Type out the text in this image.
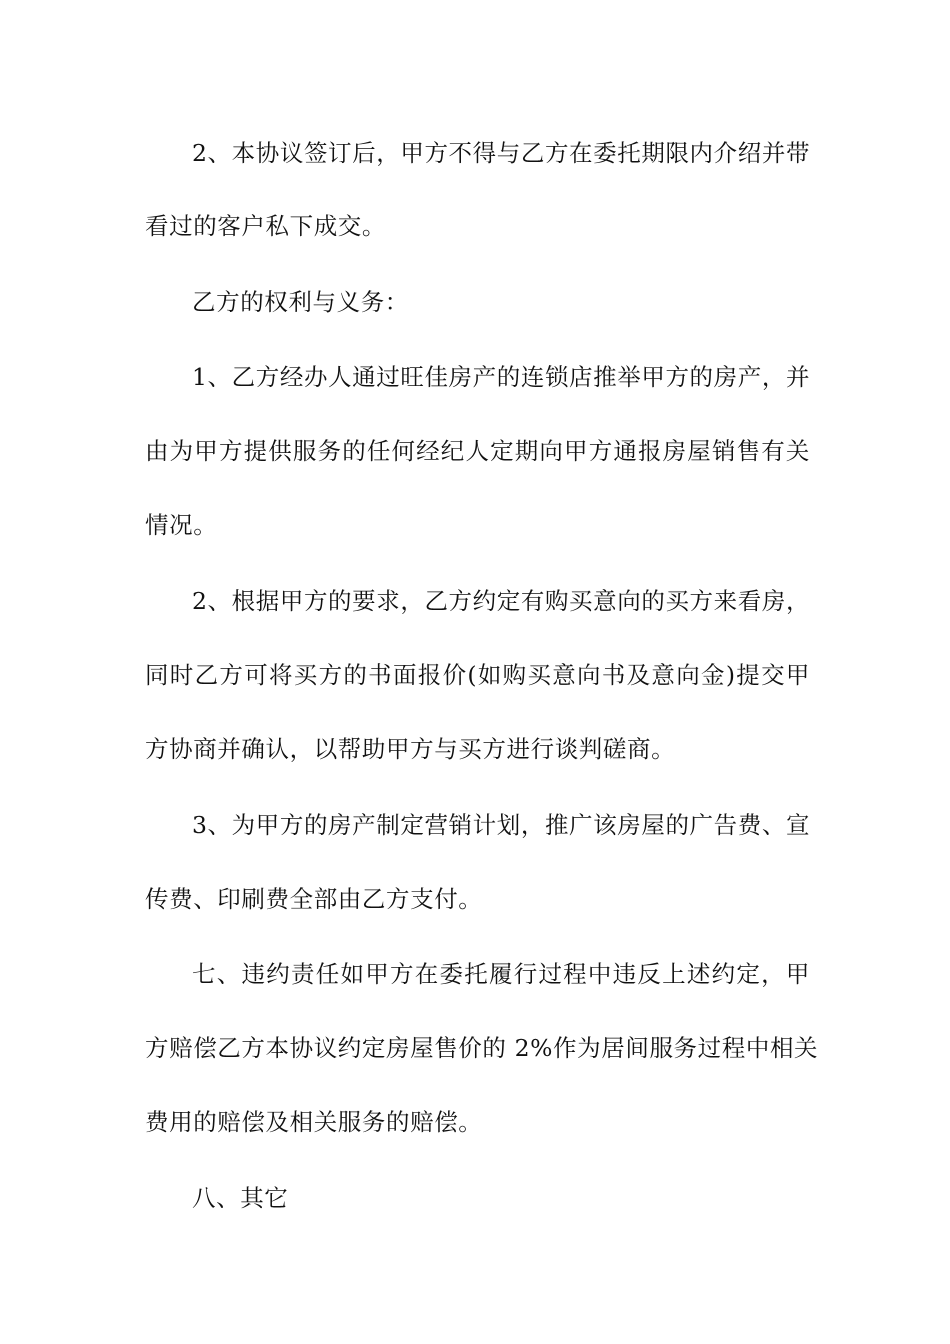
2、本协议签订后，甲方不得与乙方在委托期限内介绍并带
看过的客户私下成交。
乙方的权利与义务：
1、乙方经办人通过旺佳房产的连锁店推举甲方的房产，并
由为甲方提供服务的任何经纪人定期向甲方通报房屋销售有关
情况。
2、根据甲方的要求，乙方约定有购买意向的买方来看房，
同时乙方可将买方的书面报价(如购买意向书及意向金)提交甲
方协商并确认，以帮助甲方与买方进行谈判磋商。
3、为甲方的房产制定营销计划，推广该房屋的广告费、宣
传费、印刷费全部由乙方支付。
七、违约责任如甲方在委托履行过程中违反上述约定，甲
方赔偿乙方本协议约定房屋售价的 2%作为居间服务过程中相关
费用的赔偿及相关服务的赔偿。
八、其它
